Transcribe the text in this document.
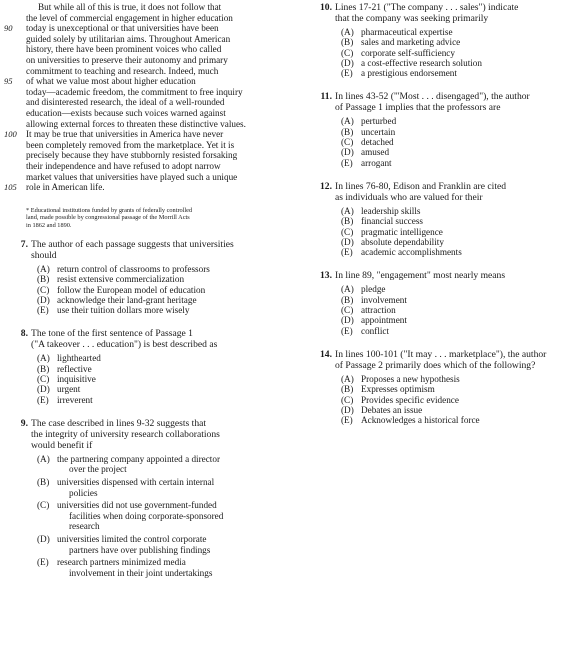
But while all of this is true, it does not follow that
the level of commercial engagement in higher education
today is unexceptional or that universities have been
90
guided solely by utilitarian aims. Throughout American
history, there have been prominent voices who called
on universities to preserve their autonomy and primary
commitment to teaching and research. Indeed, much
of what we value most about higher education
95
today—academic freedom, the commitment to free inquiry
and disinterested research, the ideal of a well-rounded
education—exists because such voices warned against
allowing external forces to threaten these distinctive values.
It may be true that universities in America have never
100
been completely removed from the marketplace. Yet it is
precisely because they have stubbornly resisted forsaking
their independence and have refused to adopt narrow
market values that universities have played such a unique
role in American life.
105
* Educational institutions funded by grants of federally controlled
land, made possible by congressional passage of the Morrill Acts
in 1862 and 1890.
7. The author of each passage suggests that universities
should
(A) return control of classrooms to professors
(B) resist extensive commercialization
(C) follow the European model of education
(D) acknowledge their land-grant heritage
(E) use their tuition dollars more wisely
8. The tone of the first sentence of Passage 1
("A takeover . . . education") is best described as
(A) lighthearted
(B) reflective
(C) inquisitive
(D) urgent
(E) irreverent
9. The case described in lines 9-32 suggests that
the integrity of university research collaborations
would benefit if
(A) the partnering company appointed a director
over the project
(B) universities dispensed with certain internal
policies
(C) universities did not use government-funded
facilities when doing corporate-sponsored
research
(D) universities limited the control corporate
partners have over publishing findings
(E) research partners minimized media
involvement in their joint undertakings
10. Lines 17-21 ("The company . . . sales") indicate
that the company was seeking primarily
(A) pharmaceutical expertise
(B) sales and marketing advice
(C) corporate self-sufficiency
(D) a cost-effective research solution
(E) a prestigious endorsement
11. In lines 43-52 ("'Most . . . disengaged"), the author
of Passage 1 implies that the professors are
(A) perturbed
(B) uncertain
(C) detached
(D) amused
(E) arrogant
12. In lines 76-80, Edison and Franklin are cited
as individuals who are valued for their
(A) leadership skills
(B) financial success
(C) pragmatic intelligence
(D) absolute dependability
(E) academic accomplishments
13. In line 89, "engagement" most nearly means
(A) pledge
(B) involvement
(C) attraction
(D) appointment
(E) conflict
14. In lines 100-101 ("It may . . . marketplace"), the author
of Passage 2 primarily does which of the following?
(A) Proposes a new hypothesis
(B) Expresses optimism
(C) Provides specific evidence
(D) Debates an issue
(E) Acknowledges a historical force
